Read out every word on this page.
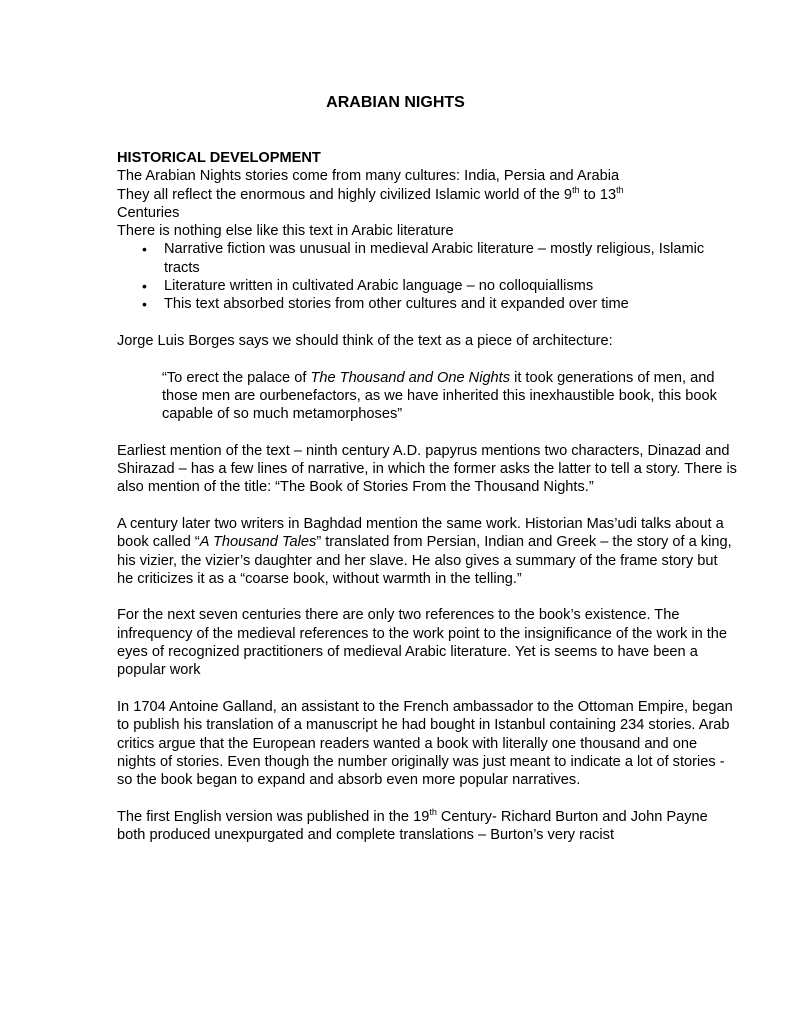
ARABIAN NIGHTS

HISTORICAL DEVELOPMENT

The Arabian Nights stories come from many cultures: India, Persia and Arabia

They all reflect the enormous and highly civilized Islamic world of the 9th to 13th

Centuries

There is nothing else like this text in Arabic literature

• Narrative fiction was unusual in medieval Arabic literature – mostly religious, Islamic tracts
• Literature written in cultivated Arabic language – no colloquiallisms
• This text absorbed stories from other cultures and it expanded over time

Jorge Luis Borges says we should think of the text as a piece of architecture:

“To erect the palace of The Thousand and One Nights it took generations of men, and those men are ourbenefactors, as we have inherited this inexhaustible book, this book capable of so much metamorphoses”

Earliest mention of the text – ninth century A.D. papyrus mentions two characters, Dinazad and Shirazad – has a few lines of narrative, in which the former asks the latter to tell a story. There is also mention of the title: “The Book of Stories From the Thousand Nights.”

A century later two writers in Baghdad mention the same work. Historian Mas’udi talks about a book called “A Thousand Tales” translated from Persian, Indian and Greek – the story of a king, his vizier, the vizier’s daughter and her slave. He also gives a summary of the frame story but he criticizes it as a “coarse book, without warmth in the telling.”

For the next seven centuries there are only two references to the book’s existence. The infrequency of the medieval references to the work point to the insignificance of the work in the eyes of recognized practitioners of medieval Arabic literature. Yet is seems to have been a popular work

In 1704 Antoine Galland, an assistant to the French ambassador to the Ottoman Empire, began to publish his translation of a manuscript he had bought in Istanbul containing 234 stories. Arab critics argue that the European readers wanted a book with literally one thousand and one nights of stories. Even though the number originally was just meant to indicate a lot of stories - so the book began to expand and absorb even more popular narratives.

The first English version was published in the 19th Century- Richard Burton and John Payne both produced unexpurgated and complete translations – Burton’s very racist
